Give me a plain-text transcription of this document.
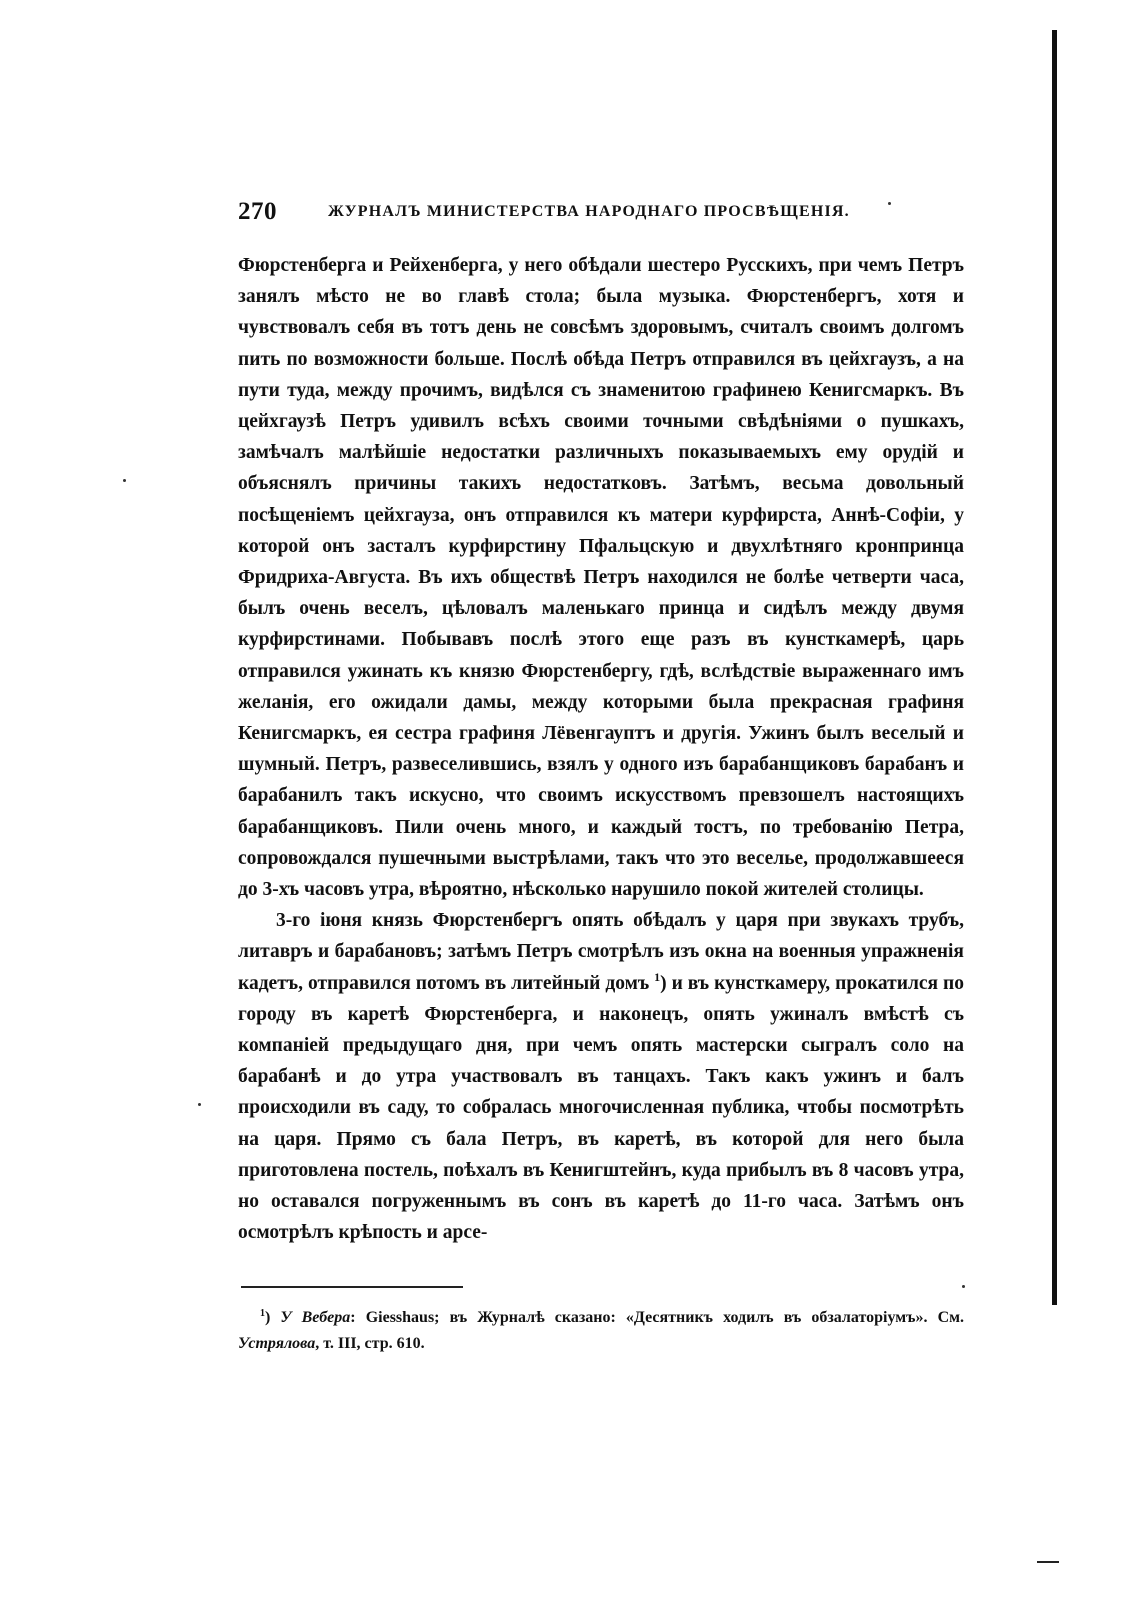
270	ЖУРНАЛЪ МИНИСТЕРСТВА НАРОДНАГО ПРОСВѢЩЕНІЯ.

Фюрстенберга и Рейхенберга, у него обѣдали шестеро Русскихъ, при чемъ Петръ занялъ мѣсто не во главѣ стола; была музыка. Фюрстенбергъ, хотя и чувствовалъ себя въ тотъ день не совсѣмъ здоровымъ, считалъ своимъ долгомъ пить по возможности больше. Послѣ обѣда Петръ отправился въ цейхгаузъ, а на пути туда, между прочимъ, видѣлся съ знаменитою графинею Кенигсмаркъ. Въ цейхгаузѣ Петръ удивилъ всѣхъ своими точными свѣдѣніями о пушкахъ, замѣчалъ малѣйшіе недостатки различныхъ показываемыхъ ему орудій и объяснялъ причины такихъ недостатковъ. Затѣмъ, весьма довольный посѣщеніемъ цейхгауза, онъ отправился къ матери курфирста, Аннѣ-Софіи, у которой онъ засталъ курфирстину Пфальцскую и двухлѣтняго кронпринца Фридриха-Августа. Въ ихъ обществѣ Петръ находился не болѣе четверти часа, былъ очень веселъ, цѣловалъ маленькаго принца и сидѣлъ между двумя курфирстинами. Побывавъ послѣ этого еще разъ въ кунсткамерѣ, царь отправился ужинать къ князю Фюрстенбергу, гдѣ, вслѣдствіе выраженнаго имъ желанія, его ожидали дамы, между которыми была прекрасная графиня Кенигсмаркъ, ея сестра графиня Лёвенгауптъ и другія. Ужинъ былъ веселый и шумный. Петръ, развеселившись, взялъ у одного изъ барабанщиковъ барабанъ и барабанилъ такъ искусно, что своимъ искусствомъ превзошелъ настоящихъ барабанщиковъ. Пили очень много, и каждый тостъ, по требованію Петра, сопровождался пушечными выстрѣлами, такъ что это веселье, продолжавшееся до 3-хъ часовъ утра, вѣроятно, нѣсколько нарушило покой жителей столицы.

3-го іюня князь Фюрстенбергъ опять обѣдалъ у царя при звукахъ трубъ, литавръ и барабановъ; затѣмъ Петръ смотрѣлъ изъ окна на военныя упражненія кадетъ, отправился потомъ въ литейный домъ $^1$) и въ кунсткамеру, прокатился по городу въ каретѣ Фюрстенберга, и наконецъ, опять ужиналъ вмѣстѣ съ компаніей предыдущаго дня, при чемъ опять мастерски сыгралъ соло на барабанѣ и до утра участвовалъ въ танцахъ. Такъ какъ ужинъ и балъ происходили въ саду, то собралась многочисленная публика, чтобы посмотрѣть на царя. Прямо съ бала Петръ, въ каретѣ, въ которой для него была приготовлена постель, поѣхалъ въ Кенигштейнъ, куда прибылъ въ 8 часовъ утра, но оставался погруженнымъ въ сонъ въ каретѣ до 11-го часа. Затѣмъ онъ осмотрѣлъ крѣпость и арсе-

$^1$) У Вебера: Giesshaus; въ Журналѣ сказано: «Десятникъ ходилъ въ обзалаторіумъ». См. Устрялова, т. III, стр. 610.
